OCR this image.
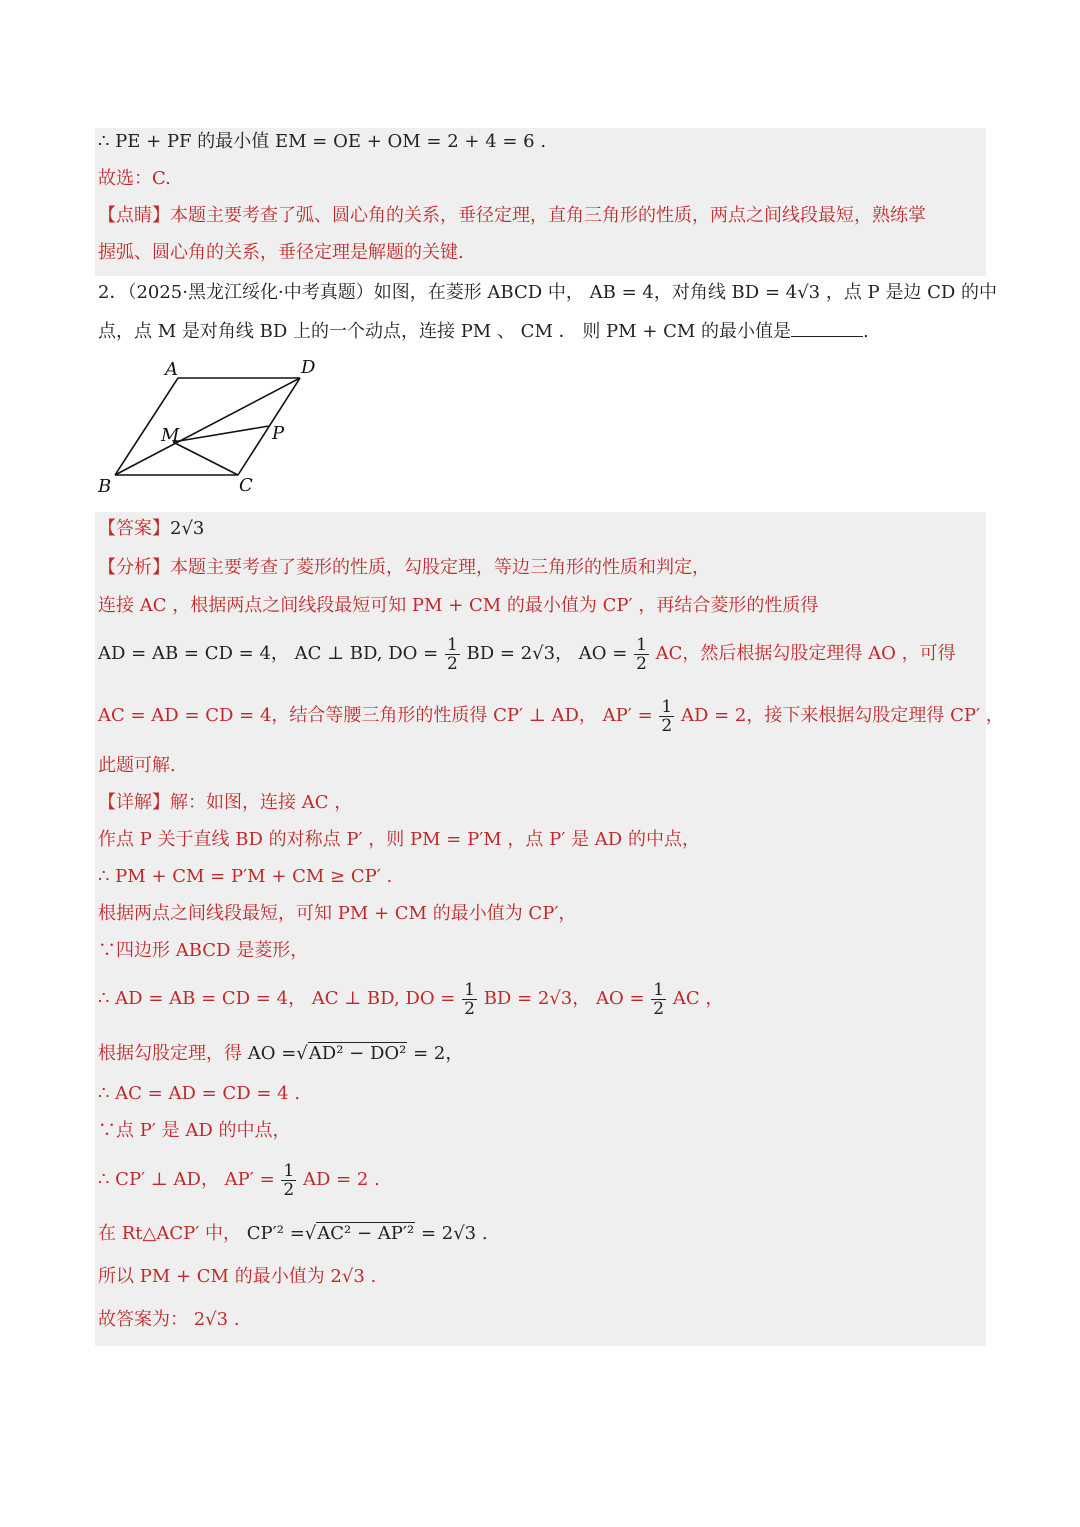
∴ PE + PF 的最小值 EM = OE + OM = 2 + 4 = 6 .
故选：C.
【点睛】本题主要考查了弧、圆心角的关系，垂径定理，直角三角形的性质，两点之间线段最短，熟练掌
握弧、圆心角的关系，垂径定理是解题的关键.
2．（2025·黑龙江绥化·中考真题）如图，在菱形 ABCD 中， AB = 4，对角线 BD = 4√3 ，点 P 是边 CD 的中
点，点 M 是对角线 BD 上的一个动点，连接 PM 、 CM ． 则 PM + CM 的最小值是	.
A	D
M	P
B	C
【答案】2√3
【分析】本题主要考查了菱形的性质，勾股定理，等边三角形的性质和判定，
连接 AC ，根据两点之间线段最短可知 PM + CM 的最小值为 CP′ ，再结合菱形的性质得
AD = AB = CD = 4， AC ⊥ BD, DO = $\frac{1}{2}$ BD = 2√3， AO = $\frac{1}{2}$ AC，然后根据勾股定理得 AO ，可得
AC = AD = CD = 4，结合等腰三角形的性质得 CP′ ⊥ AD， $AP' = \frac{1}{2}$ AD = 2，接下来根据勾股定理得 CP′ ，
此题可解.
【详解】解：如图，连接 AC ，
作点 P 关于直线 BD 的对称点 P′ ，则 PM = P′M ，点 P′ 是 AD 的中点，
∴ PM + CM = P′M + CM ≥ CP′ .
根据两点之间线段最短，可知 PM + CM 的最小值为 CP′，
∵四边形 ABCD 是菱形，
∴ AD = AB = CD = 4， AC ⊥ BD, DO = $\frac{1}{2}$ BD = 2√3， AO = $\frac{1}{2}$ AC ，
根据勾股定理，得 AO =√AD² − DO² = 2，
∴ AC = AD = CD = 4 .
∵点 P′ 是 AD 的中点，
∴ CP′ ⊥ AD， $AP' = \frac{1}{2}$ AD = 2 .
在 Rt△ACP′ 中， CP′² =√AC² − AP′² = 2√3 .
所以 PM + CM 的最小值为 2√3 .
故答案为： 2√3 .
